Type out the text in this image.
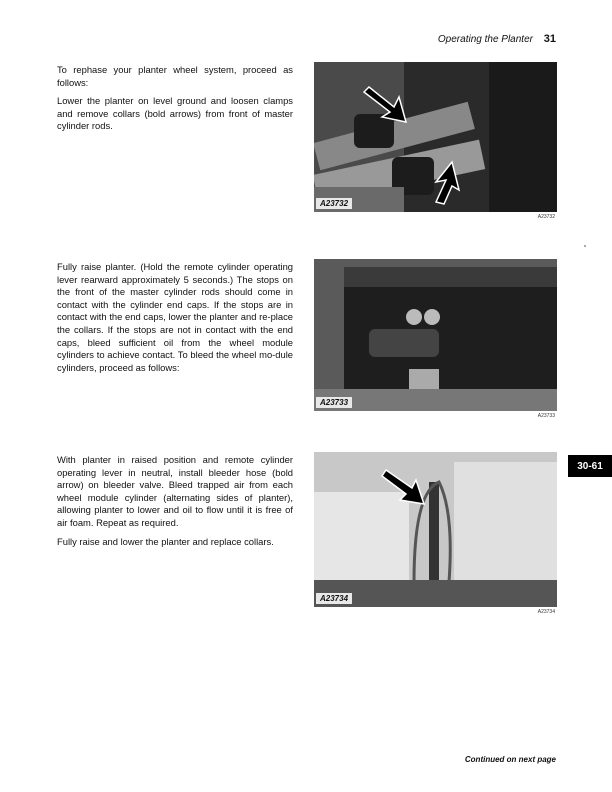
Operating the Planter 31

To rephase your planter wheel system, proceed as follows:

Lower the planter on level ground and loosen clamps and remove collars (bold arrows) from front of master cylinder rods.

A23732
A23732

Fully raise planter. (Hold the remote cylinder operating lever rearward approximately 5 seconds.) The stops on the front of the master cylinder rods should come in contact with the cylinder end caps. If the stops are in contact with the end caps, lower the planter and re-place the collars. If the stops are not in contact with the end caps, bleed sufficient oil from the wheel module cylinders to achieve contact. To bleed the wheel mo-dule cylinders, proceed as follows:

A23733
A23733

With planter in raised position and remote cylinder operating lever in neutral, install bleeder hose (bold arrow) on bleeder valve. Bleed trapped air from each wheel module cylinder (alternating sides of planter), allowing planter to lower and oil to flow until it is free of air foam. Repeat as required.

Fully raise and lower the planter and replace collars.

A23734
A23734
30-61
Continued on next page
